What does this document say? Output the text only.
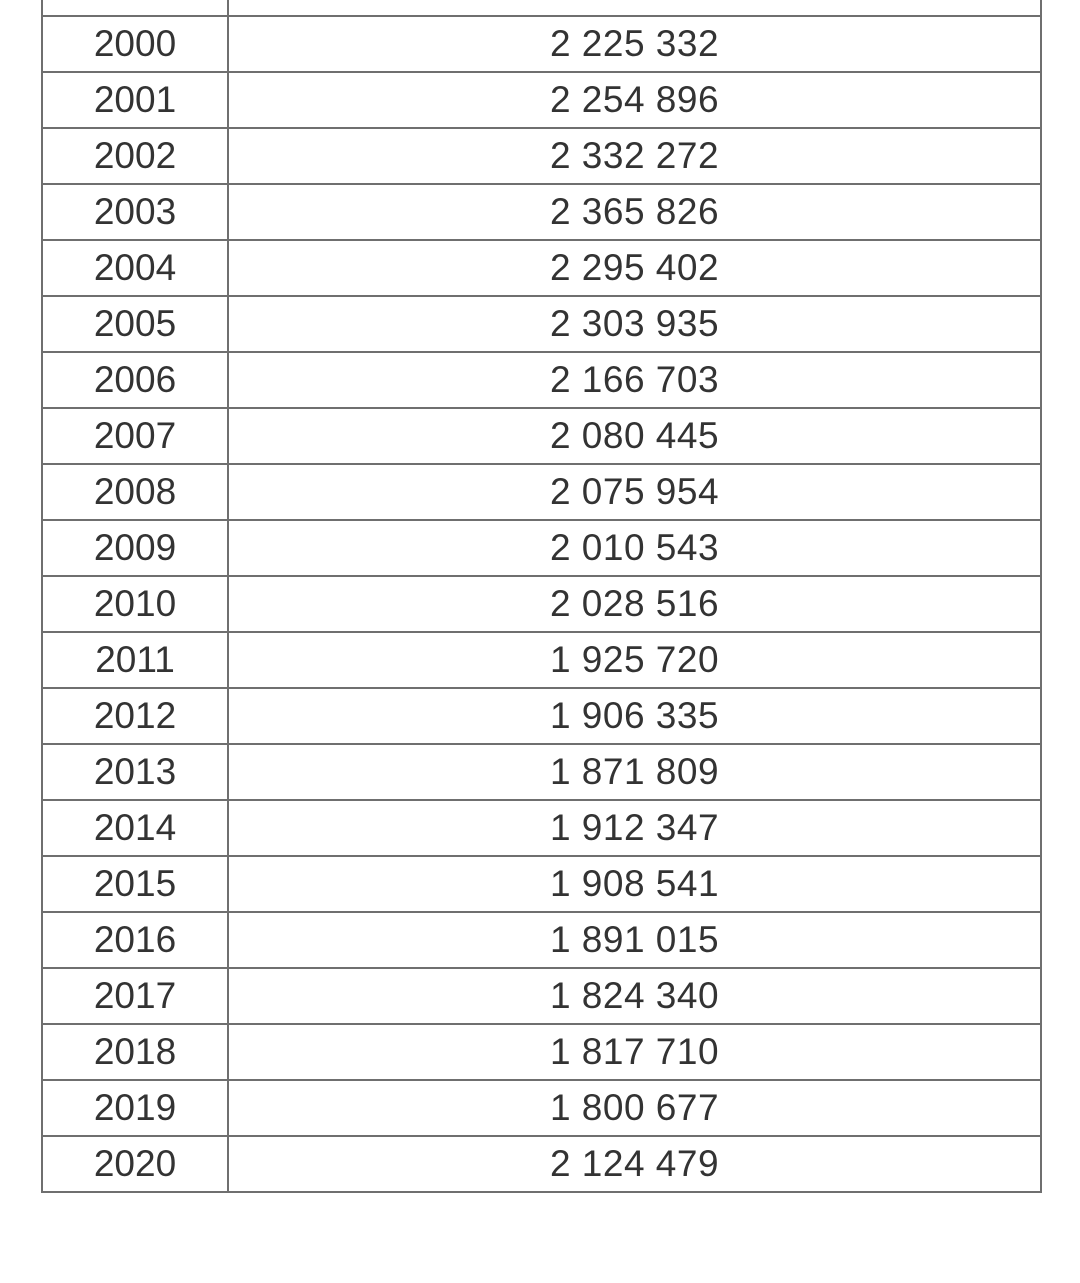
2000	2 225 332
2001	2 254 896
2002	2 332 272
2003	2 365 826
2004	2 295 402
2005	2 303 935
2006	2 166 703
2007	2 080 445
2008	2 075 954
2009	2 010 543
2010	2 028 516
2011	1 925 720
2012	1 906 335
2013	1 871 809
2014	1 912 347
2015	1 908 541
2016	1 891 015
2017	1 824 340
2018	1 817 710
2019	1 800 677
2020	2 124 479
